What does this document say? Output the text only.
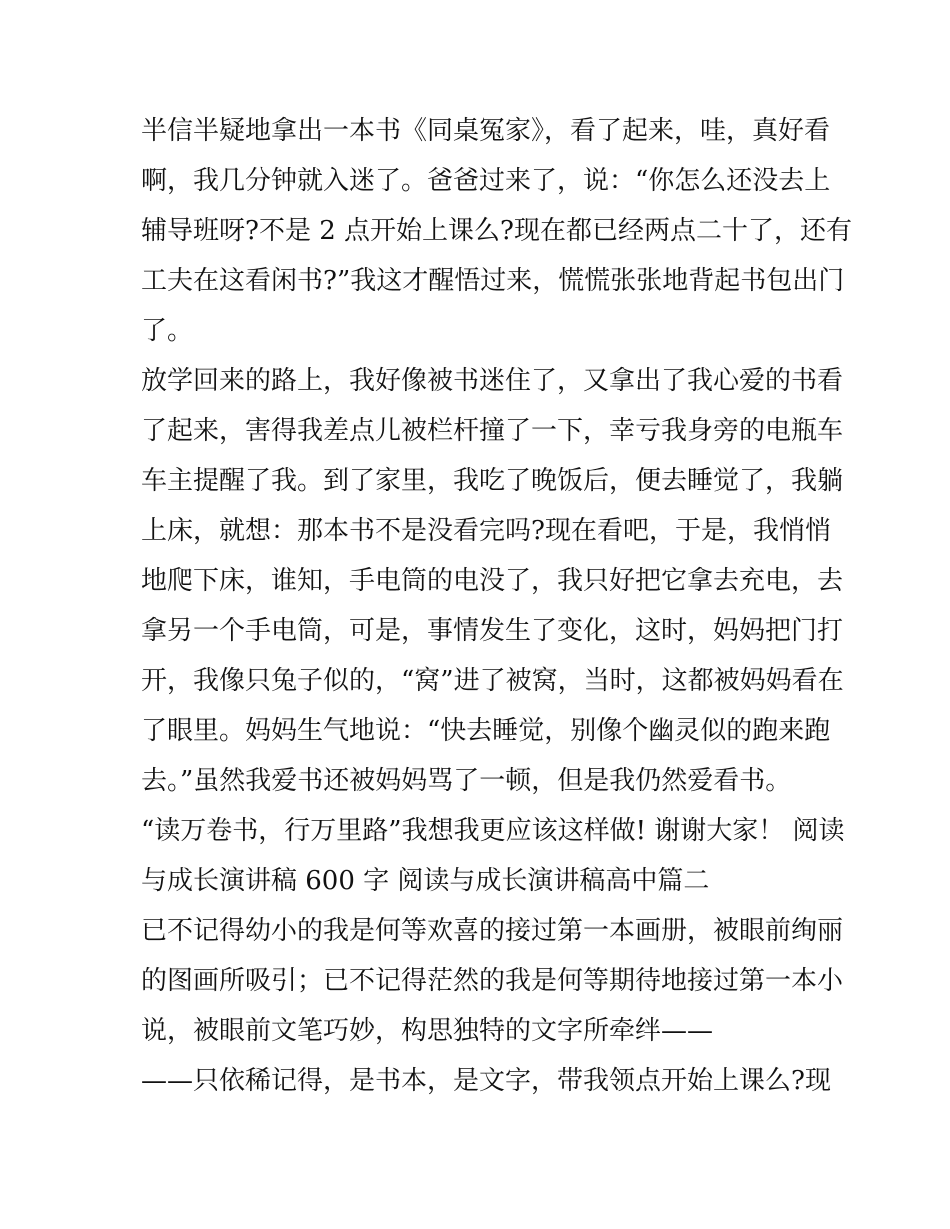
半信半疑地拿出一本书《同桌冤家》，看了起来，哇，真好看
啊，我几分钟就入迷了。爸爸过来了，说：“你怎么还没去上
辅导班呀?不是 2 点开始上课么?现在都已经两点二十了，还有
工夫在这看闲书?”我这才醒悟过来，慌慌张张地背起书包出门
了。
放学回来的路上，我好像被书迷住了，又拿出了我心爱的书看
了起来，害得我差点儿被栏杆撞了一下，幸亏我身旁的电瓶车
车主提醒了我。到了家里，我吃了晚饭后，便去睡觉了，我躺
上床，就想：那本书不是没看完吗?现在看吧，于是，我悄悄
地爬下床，谁知，手电筒的电没了，我只好把它拿去充电，去
拿另一个手电筒，可是，事情发生了变化，这时，妈妈把门打
开，我像只兔子似的，“窝”进了被窝，当时，这都被妈妈看在
了眼里。妈妈生气地说：“快去睡觉，别像个幽灵似的跑来跑
去。”虽然我爱书还被妈妈骂了一顿，但是我仍然爱看书。
“读万卷书，行万里路”我想我更应该这样做! 谢谢大家！ 阅读
与成长演讲稿 600 字 阅读与成长演讲稿高中篇二
已不记得幼小的我是何等欢喜的接过第一本画册，被眼前绚丽
的图画所吸引；已不记得茫然的我是何等期待地接过第一本小
说，被眼前文笔巧妙，构思独特的文字所牵绊——
——只依稀记得，是书本，是文字，带我领点开始上课么?现
